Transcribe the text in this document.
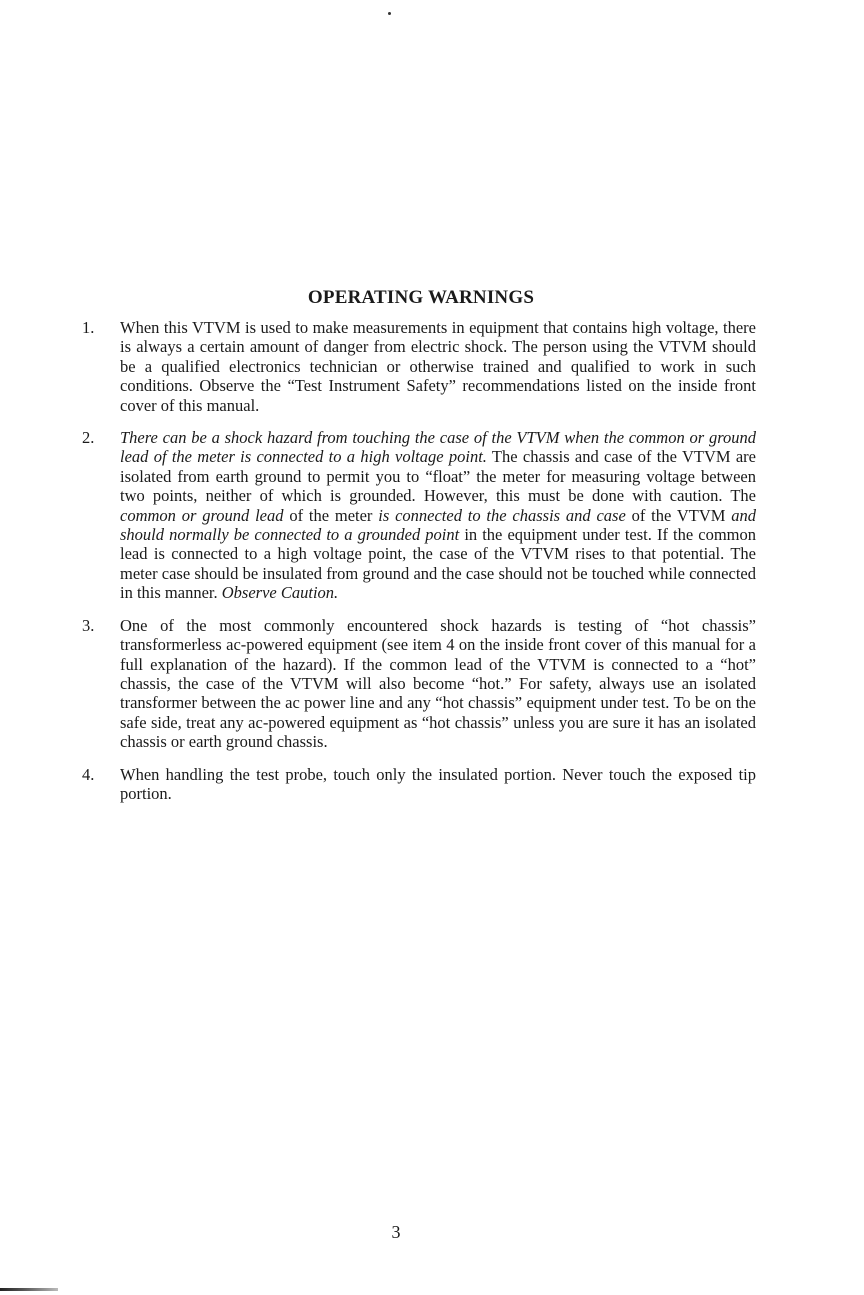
OPERATING WARNINGS
1.	When this VTVM is used to make measurements in equipment that contains high voltage, there is always a certain amount of danger from electric shock. The person using the VTVM should be a qualified electronics technician or otherwise trained and qualified to work in such conditions. Observe the “Test Instrument Safety” recommendations listed on the inside front cover of this manual.
2.	There can be a shock hazard from touching the case of the VTVM when the common or ground lead of the meter is connected to a high voltage point. The chassis and case of the VTVM are isolated from earth ground to permit you to “float” the meter for measuring voltage between two points, neither of which is grounded. However, this must be done with caution. The common or ground lead of the meter is connected to the chassis and case of the VTVM and should normally be connected to a grounded point in the equipment under test. If the common lead is connected to a high voltage point, the case of the VTVM rises to that potential. The meter case should be insulated from ground and the case should not be touched while connected in this manner. Observe Caution.
3.	One of the most commonly encountered shock hazards is testing of “hot chassis” transformerless ac-powered equipment (see item 4 on the inside front cover of this manual for a full explanation of the hazard). If the common lead of the VTVM is connected to a “hot” chassis, the case of the VTVM will also become “hot.” For safety, always use an isolated transformer between the ac power line and any “hot chassis” equipment under test. To be on the safe side, treat any ac-powered equipment as “hot chassis” unless you are sure it has an isolated chassis or earth ground chassis.
4.	When handling the test probe, touch only the insulated portion. Never touch the exposed tip portion.
3
